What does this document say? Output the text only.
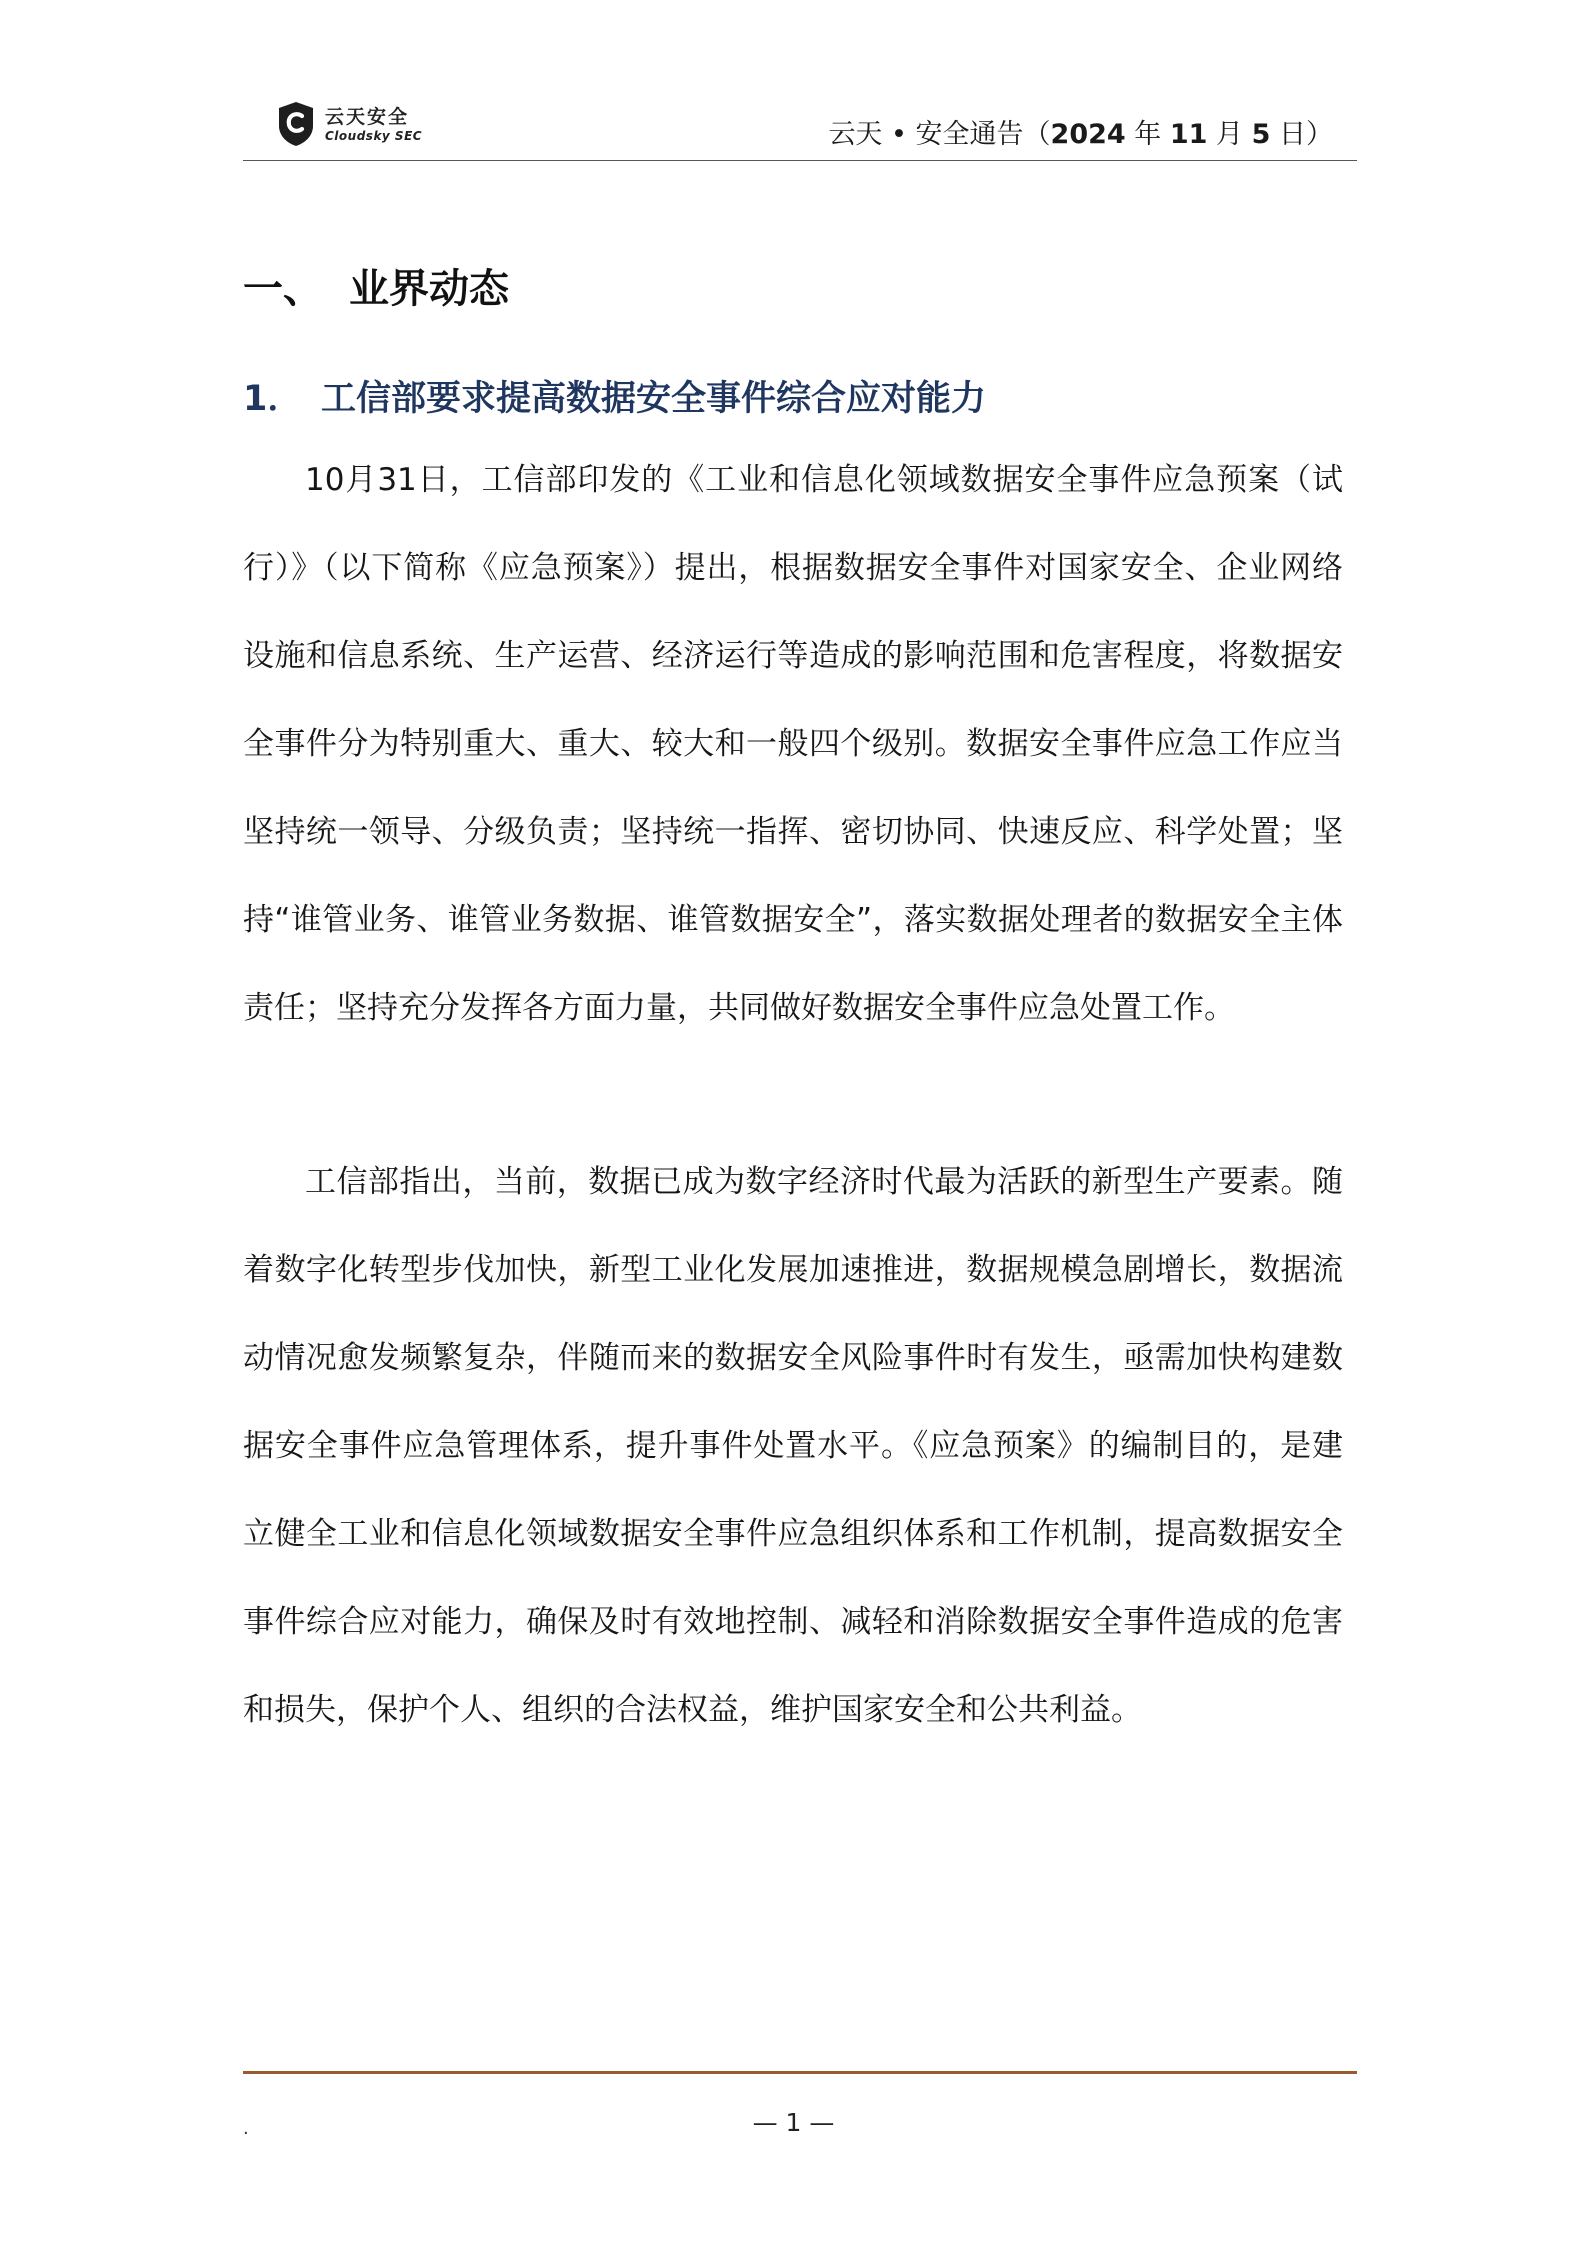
云天安全
Cloudsky SEC	云天 • 安全通告（2024 年 11 月 5 日）
一、 业界动态
1． 工信部要求提高数据安全事件综合应对能力

10月31日，工信部印发的《工业和信息化领域数据安全事件应急预案（试行）》（以下简称《应急预案》）提出，根据数据安全事件对国家安全、企业网络设施和信息系统、生产运营、经济运行等造成的影响范围和危害程度，将数据安全事件分为特别重大、重大、较大和一般四个级别。数据安全事件应急工作应当坚持统一领导、分级负责；坚持统一指挥、密切协同、快速反应、科学处置；坚持“谁管业务、谁管业务数据、谁管数据安全”，落实数据处理者的数据安全主体责任；坚持充分发挥各方面力量，共同做好数据安全事件应急处置工作。

工信部指出，当前，数据已成为数字经济时代最为活跃的新型生产要素。随着数字化转型步伐加快，新型工业化发展加速推进，数据规模急剧增长，数据流动情况愈发频繁复杂，伴随而来的数据安全风险事件时有发生，亟需加快构建数据安全事件应急管理体系，提升事件处置水平。《应急预案》的编制目的，是建立健全工业和信息化领域数据安全事件应急组织体系和工作机制，提高数据安全事件综合应对能力，确保及时有效地控制、减轻和消除数据安全事件造成的危害和损失，保护个人、组织的合法权益，维护国家安全和公共利益。

.	— 1 —
